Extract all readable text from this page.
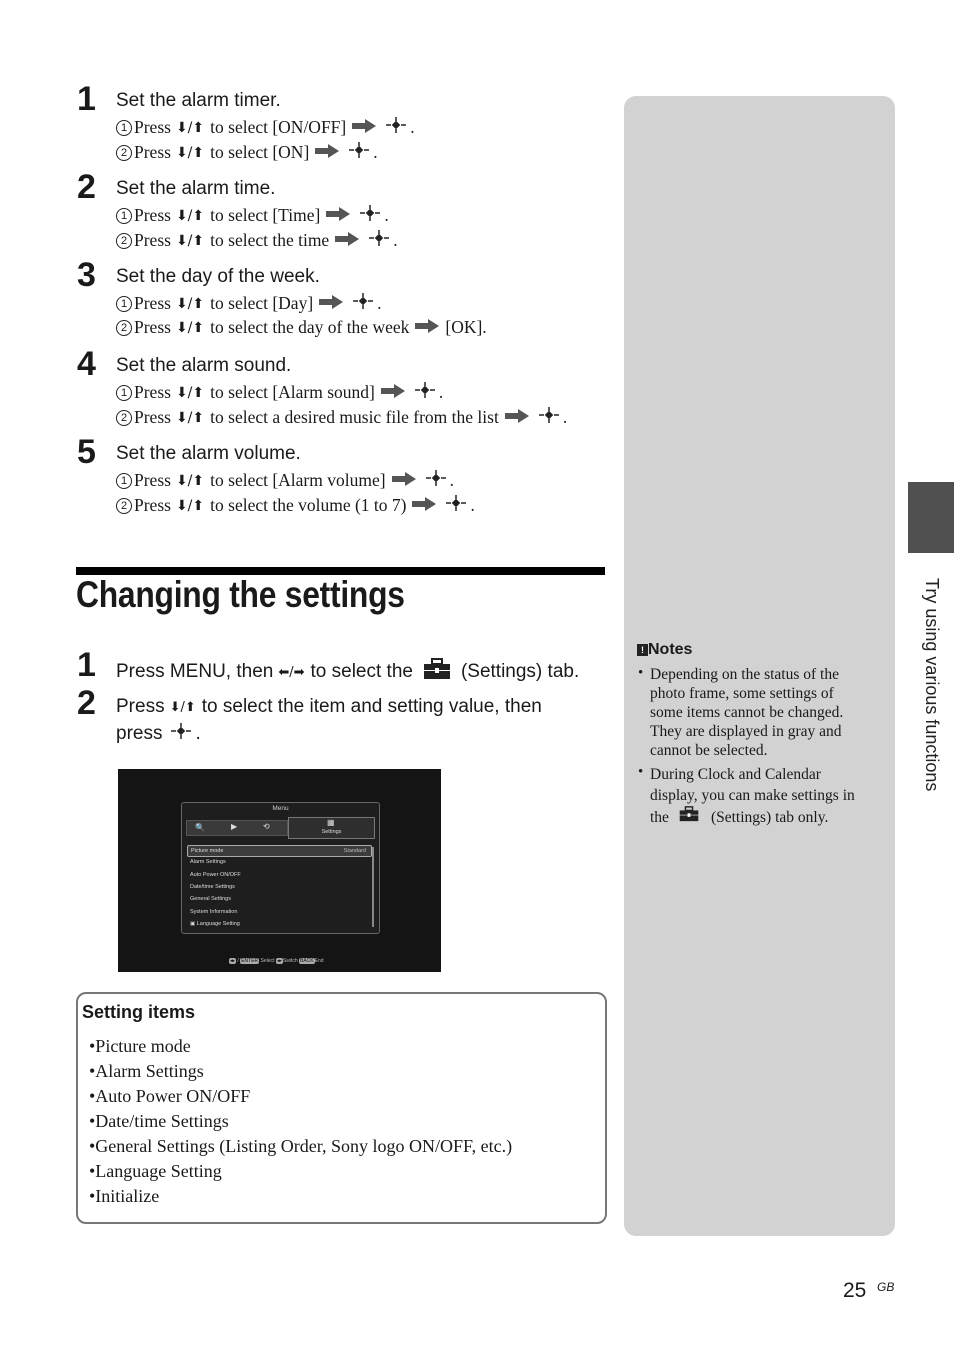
1 Set the alarm timer.
1 Press ⬇/⬆ to select [ON/OFF]	.
2 Press ⬇/⬆ to select [ON]	.
2 Set the alarm time.
1 Press ⬇/⬆ to select [Time]	.
2 Press ⬇/⬆ to select the time	.
3 Set the day of the week.
1 Press ⬇/⬆ to select [Day]	.
2 Press ⬇/⬆ to select the day of the week [OK].
4 Set the alarm sound.
1 Press ⬇/⬆ to select [Alarm sound]	.
2 Press ⬇/⬆ to select a desired music file from the list	.
5 Set the alarm volume.
1 Press ⬇/⬆ to select [Alarm volume]	.
2 Press ⬇/⬆ to select the volume (1 to 7)	.
Changing the settings
1 Press MENU, then ⬅/➡ to select the	(Settings) tab.
2 Press ⬇/⬆ to select the item and setting value, then
press .
Menu
🔍	▶	⟲	▦
Settings
Picture mode	Standard
Alarm Settings
Auto Power ON/OFF
Date/time Settings
General Settings
System Information
▣ Language Setting
◂▸ / ENTER Select ◂▸Switch BACKEnd
Setting items
•Picture mode
•Alarm Settings
•Auto Power ON/OFF
•Date/time Settings
•General Settings (Listing Order, Sony logo ON/OFF, etc.)
•Language Setting
•Initialize
! Notes
• Depending on the status of the
photo frame, some settings of
some items cannot be changed.
They are displayed in gray and
cannot be selected.
• During Clock and Calendar
display, you can make settings in
the	(Settings) tab only.
Try using various functions
25 GB
